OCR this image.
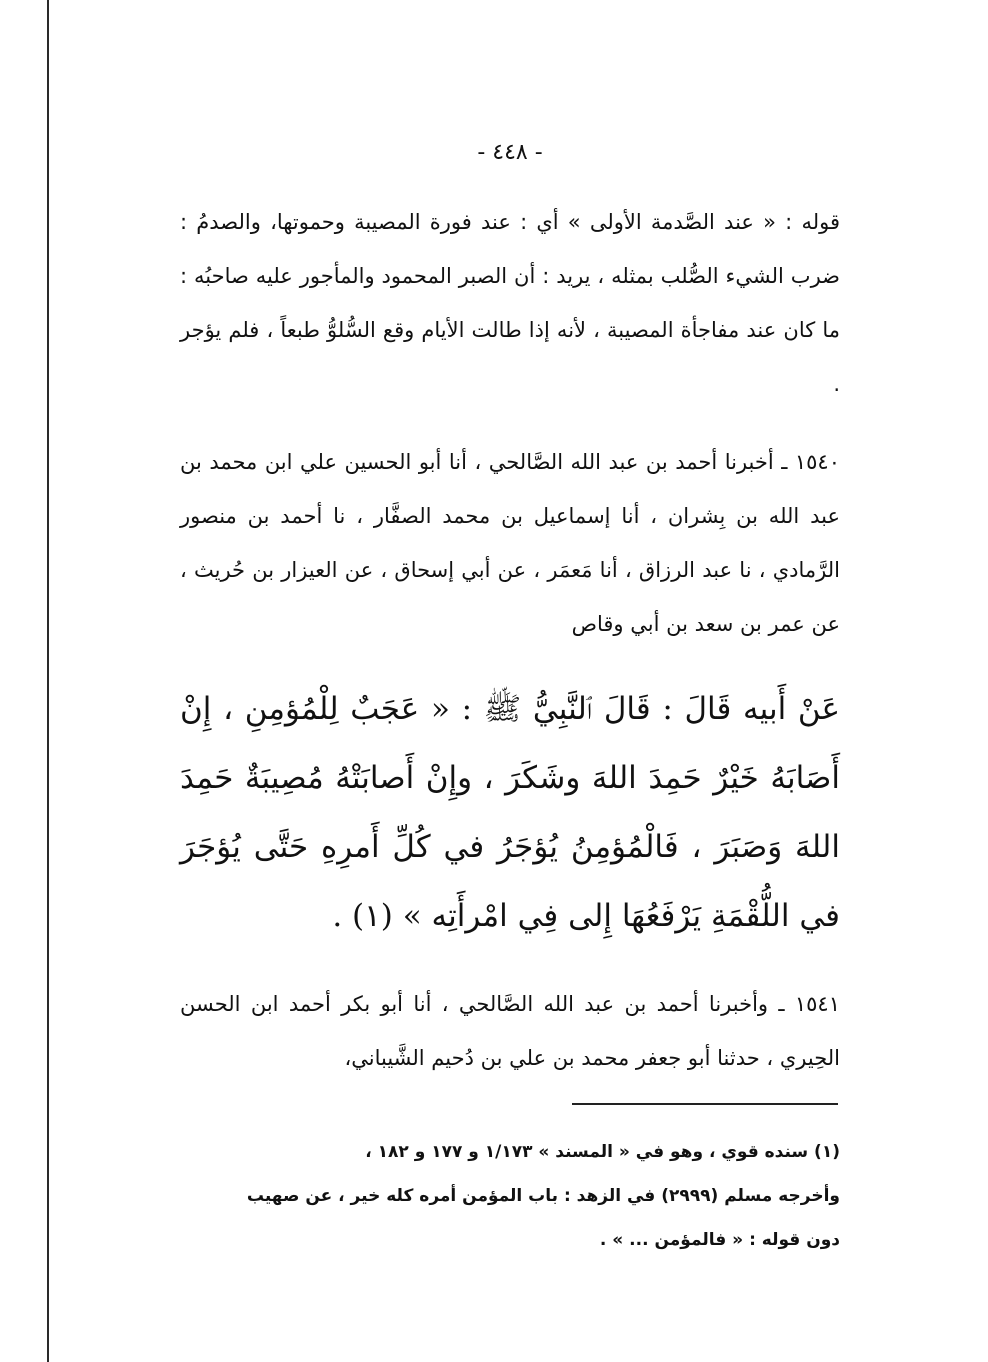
- ٤٤٨ -

قوله : « عند الصَّدمة الأولى » أي : عند فورة المصيبة وحموتها، والصدمُ : ضرب الشيء الصُّلب بمثله ، يريد : أن الصبر المحمود والمأجور عليه صاحبُه : ما كان عند مفاجأة المصيبة ، لأنه إذا طالت الأيام وقع السُّلوُّ طبعاً ، فلم يؤجر .

١٥٤٠ ـ أخبرنا أحمد بن عبد الله الصَّالحي ، أنا أبو الحسين علي ابن محمد بن عبد الله بن بِشران ، أنا إسماعيل بن محمد الصفَّار ، نا أحمد بن منصور الرَّمادي ، نا عبد الرزاق ، أنا مَعمَر ، عن أبي إسحاق ، عن العيزار بن حُريث ، عن عمر بن سعد بن أبي وقاص

عَنْ أَبيه قَالَ : قَالَ ٱلنَّبِيُّ ﷺ : « عَجَبٌ لِلْمُؤمِنِ ، إِنْ أَصَابَهُ خَيْرٌ حَمِدَ اللهَ وشَكَرَ ، وإِنْ أَصابَتْهُ مُصِيبَةٌ حَمِدَ اللهَ وَصَبَرَ ، فَالْمُؤمِنُ يُؤجَرُ في كُلِّ أَمرِهِ حَتَّى يُؤجَرَ في اللُّقْمَةِ يَرْفَعُهَا إِلى فِي امْرأَتِه » (١) .

١٥٤١ ـ وأخبرنا أحمد بن عبد الله الصَّالحي ، أنا أبو بكر أحمد ابن الحسن الحِيري ، حدثنا أبو جعفر محمد بن علي بن دُحيم الشَّيباني،

(١) سنده قوي ، وهو في « المسند » ١/١٧٣ و ١٧٧ و ١٨٢ ،

وأخرجه مسلم (٢٩٩٩) في الزهد : باب المؤمن أمره كله خير ، عن صهيب

دون قوله : « فالمؤمن ... » .
